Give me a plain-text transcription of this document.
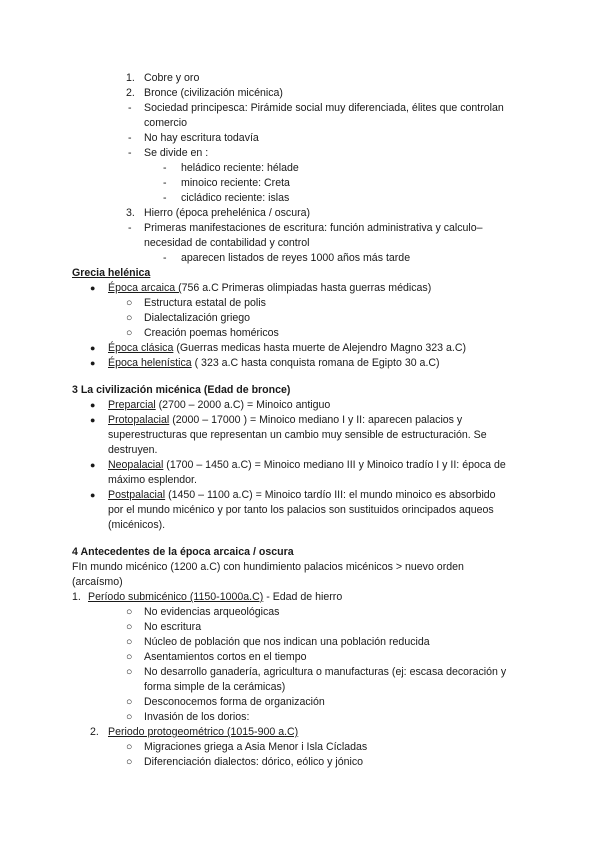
1. Cobre y oro
2. Bronce (civilización micénica)
- Sociedad principesca: Pirámide social muy diferenciada, élites que controlan
comercio
- No hay escritura todavía
- Se divide en :
- heládico reciente: hélade
- minoico reciente: Creta
- cicládico reciente: islas
3. Hierro (época prehelénica / oscura)
- Primeras manifestaciones de escritura: función administrativa y calculo–
necesidad de contabilidad y control
- aparecen listados de reyes 1000 años más tarde
Grecia helénica
● Época arcaica (756 a.C Primeras olimpiadas hasta guerras médicas)
○ Estructura estatal de polis
○ Dialectalización griego
○ Creación poemas homéricos
● Época clásica (Guerras medicas hasta muerte de Alejendro Magno 323 a.C)
● Época helenística ( 323 a.C hasta conquista romana de Egipto 30 a.C)
3 La civilización micénica (Edad de bronce)
● Preparcial (2700 – 2000 a.C) = Minoico antiguo
● Protopalacial (2000 – 17000 ) = Minoico mediano I y II: aparecen palacios y
superestructuras que representan un cambio muy sensible de estructuración. Se
destruyen.
● Neopalacial (1700 – 1450 a.C) = Minoico mediano III y Minoico tradío I y II: época de
máximo esplendor.
● Postpalacial (1450 – 1100 a.C) = Minoico tardío III: el mundo minoico es absorbido
por el mundo micénico y por tanto los palacios son sustituidos orincipados aqueos
(micénicos).
4 Antecedentes de la época arcaica / oscura
FIn mundo micénico (1200 a.C) con hundimiento palacios micénicos > nuevo orden
(arcaísmo)
1. Período submicénico (1150-1000a.C) - Edad de hierro
○ No evidencias arqueológicas
○ No escritura
○ Núcleo de población que nos indican una población reducida
○ Asentamientos cortos en el tiempo
○ No desarrollo ganadería, agricultura o manufacturas (ej: escasa decoración y
forma simple de la cerámicas)
○ Desconocemos forma de organización
○ Invasión de los dorios:
2. Periodo protogeométrico (1015-900 a.C)
○ Migraciones griega a Asia Menor i Isla Cícladas
○ Diferenciación dialectos: dórico, eólico y jónico
